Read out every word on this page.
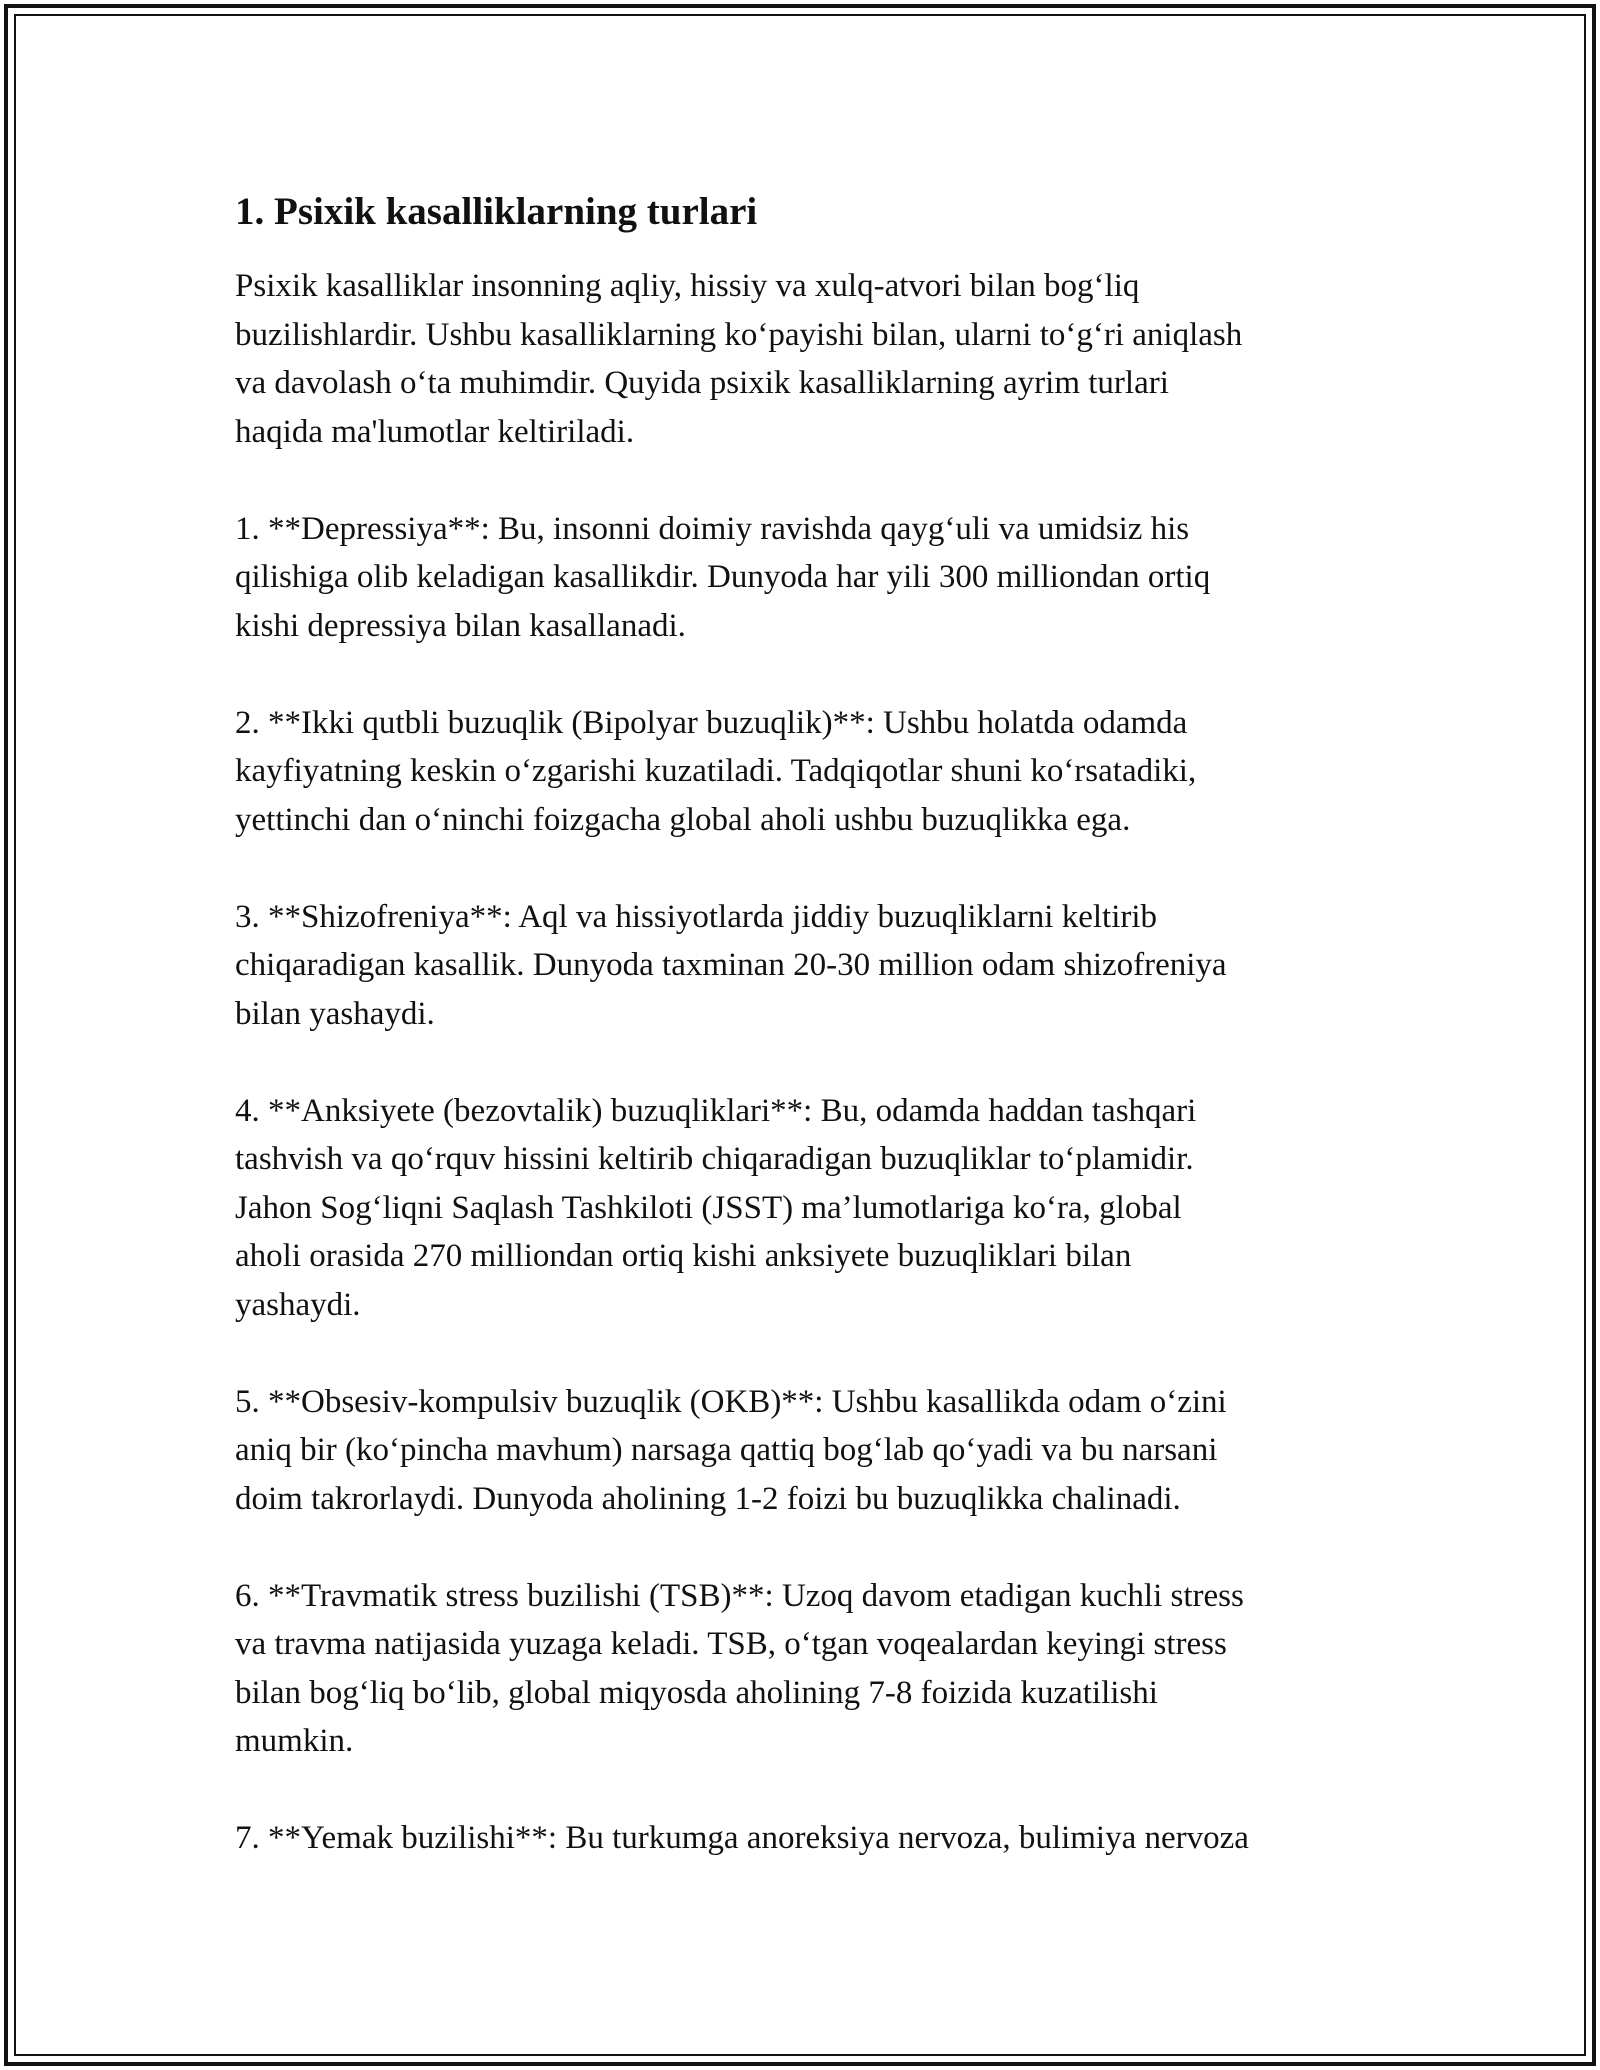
1. Psixik kasalliklarning turlari

Psixik kasalliklar insonning aqliy, hissiy va xulq-atvori bilan bog‘liq
buzilishlardir. Ushbu kasalliklarning ko‘payishi bilan, ularni to‘g‘ri aniqlash
va davolash o‘ta muhimdir. Quyida psixik kasalliklarning ayrim turlari
haqida ma'lumotlar keltiriladi.

1. **Depressiya**: Bu, insonni doimiy ravishda qayg‘uli va umidsiz his
qilishiga olib keladigan kasallikdir. Dunyoda har yili 300 milliondan ortiq
kishi depressiya bilan kasallanadi.

2. **Ikki qutbli buzuqlik (Bipolyar buzuqlik)**: Ushbu holatda odamda
kayfiyatning keskin o‘zgarishi kuzatiladi. Tadqiqotlar shuni ko‘rsatadiki,
yettinchi dan o‘ninchi foizgacha global aholi ushbu buzuqlikka ega.

3. **Shizofreniya**: Aql va hissiyotlarda jiddiy buzuqliklarni keltirib
chiqaradigan kasallik. Dunyoda taxminan 20-30 million odam shizofreniya
bilan yashaydi.

4. **Anksiyete (bezovtalik) buzuqliklari**: Bu, odamda haddan tashqari
tashvish va qo‘rquv hissini keltirib chiqaradigan buzuqliklar to‘plamidir.
Jahon Sog‘liqni Saqlash Tashkiloti (JSST) ma’lumotlariga ko‘ra, global
aholi orasida 270 milliondan ortiq kishi anksiyete buzuqliklari bilan
yashaydi.

5. **Obsesiv-kompulsiv buzuqlik (OKB)**: Ushbu kasallikda odam o‘zini
aniq bir (ko‘pincha mavhum) narsaga qattiq bog‘lab qo‘yadi va bu narsani
doim takrorlaydi. Dunyoda aholining 1-2 foizi bu buzuqlikka chalinadi.

6. **Travmatik stress buzilishi (TSB)**: Uzoq davom etadigan kuchli stress
va travma natijasida yuzaga keladi. TSB, o‘tgan voqealardan keyingi stress
bilan bog‘liq bo‘lib, global miqyosda aholining 7-8 foizida kuzatilishi
mumkin.

7. **Yemak buzilishi**: Bu turkumga anoreksiya nervoza, bulimiya nervoza
